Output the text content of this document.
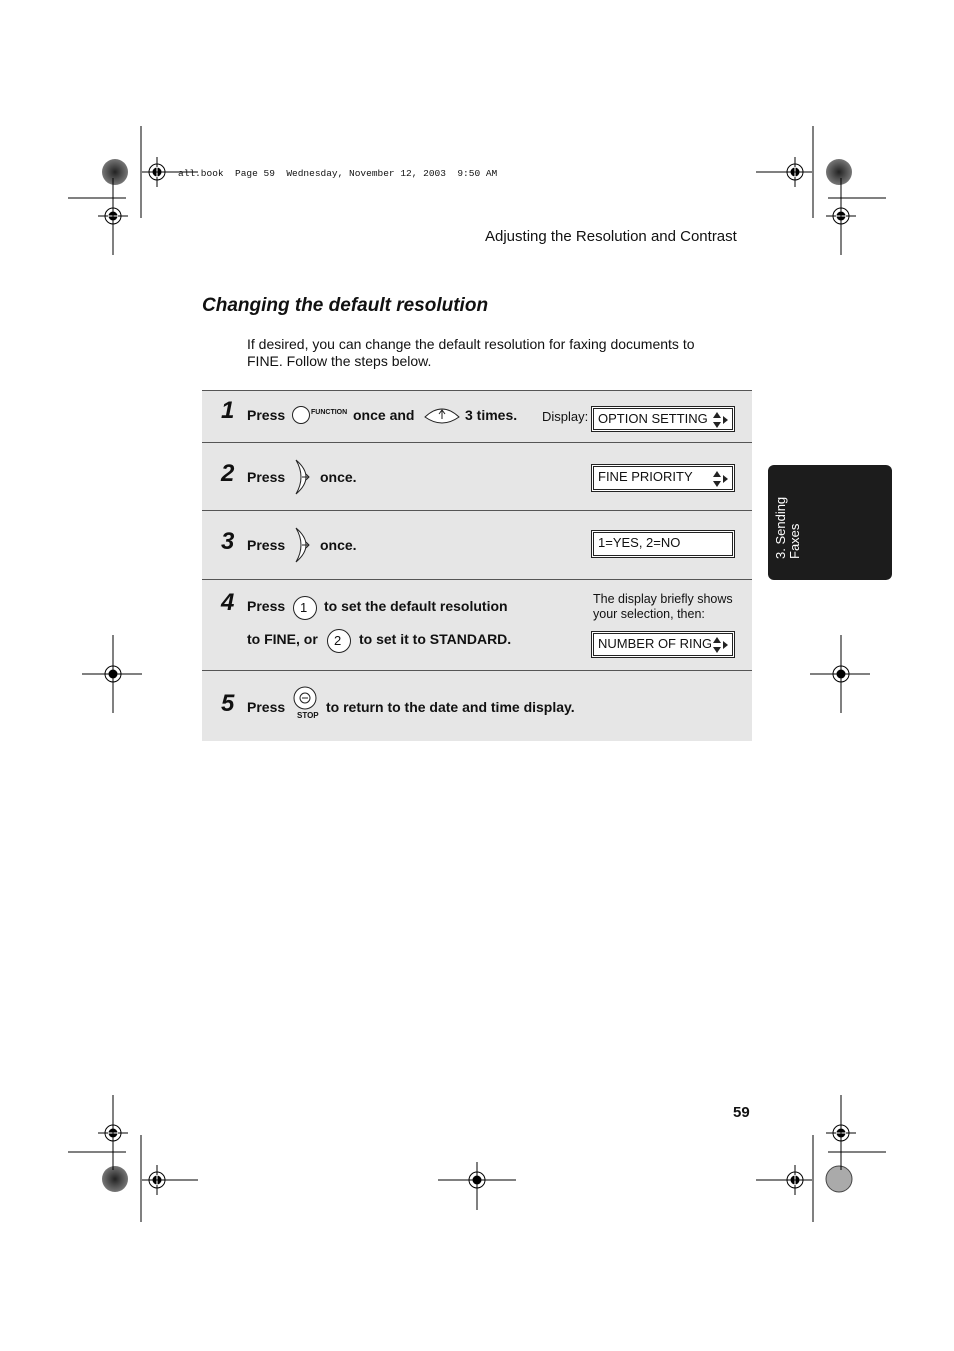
all.book  Page 59  Wednesday, November 12, 2003  9:50 AM
Adjusting the Resolution and Contrast
Changing the default resolution
If desired, you can change the default resolution for faxing documents to
FINE. Follow the steps below.
3. Sending Faxes
1 Press	FUNCTION once and	3 times. Display: OPTION SETTING
2 Press once.	FINE PRIORITY
3 Press once.	1=YES, 2=NO
4 Press 1 to set the default resolution
to FINE, or 2 to set it to STANDARD.
The display briefly shows
your selection, then:
NUMBER OF RING
5 Press
STOP
to return to the date and time display.
59
